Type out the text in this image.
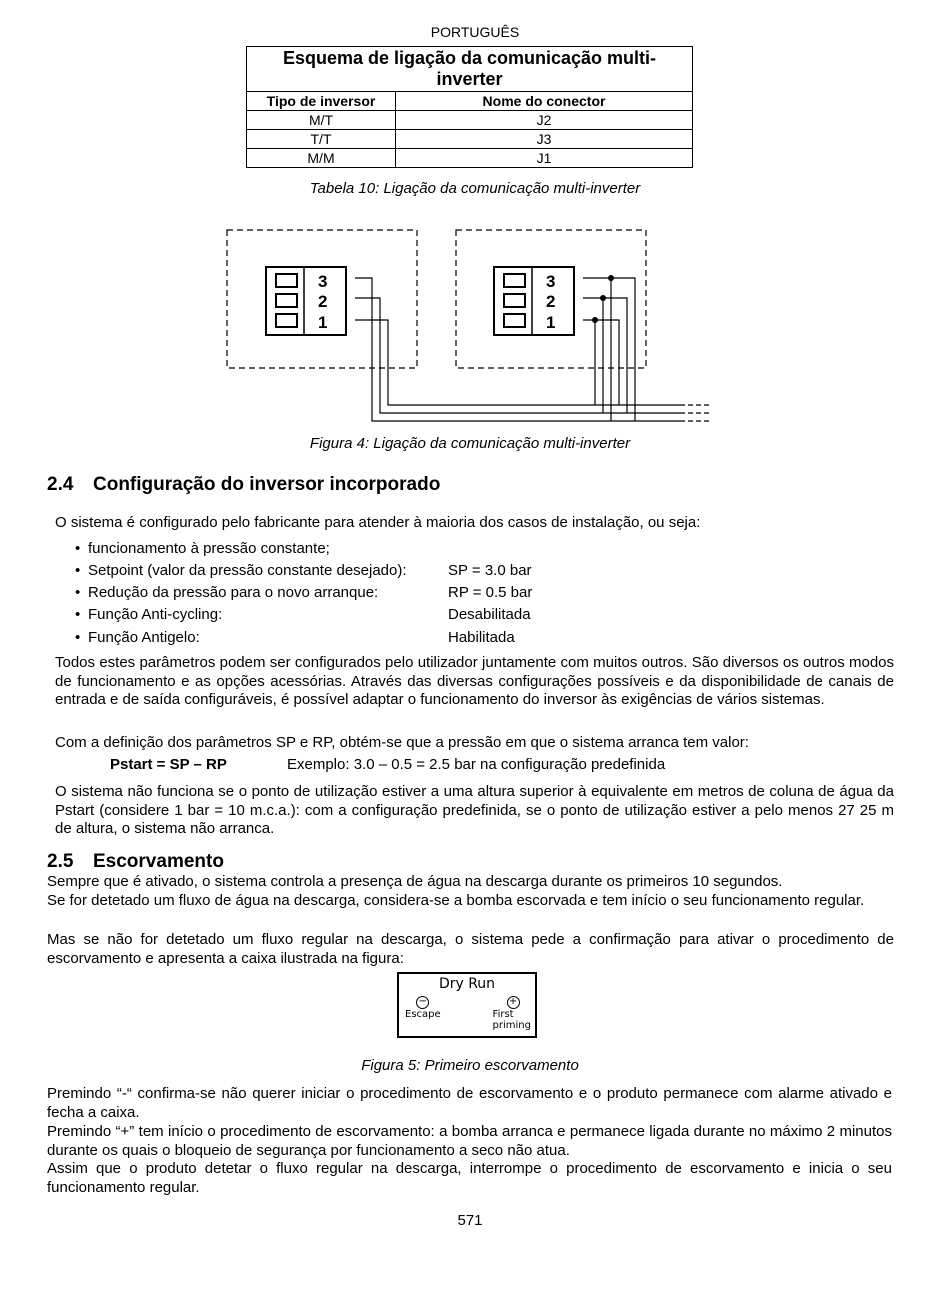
PORTUGUÊS
Esquema de ligação da comunicação multi-inverter	
Tipo de inversor	Nome do conector
M/T	J2
T/T	J3
M/M	J1
Tabela 10: Ligação da comunicação multi-inverter
3
2
1
3
2
1
Figura 4: Ligação da comunicação multi-inverter
2.4 Configuração do inversor incorporado
O sistema é configurado pelo fabricante para atender à maioria dos casos de instalação, ou seja:
• funcionamento à pressão constante;
• Setpoint (valor da pressão constante desejado):	SP = 3.0 bar
• Redução da pressão para o novo arranque:	RP = 0.5 bar
• Função Anti-cycling:	Desabilitada
• Função Antigelo:	Habilitada
Todos estes parâmetros podem ser configurados pelo utilizador juntamente com muitos outros. São diversos os outros modos de funcionamento e as opções acessórias. Através das diversas configurações possíveis e da disponibilidade de canais de entrada e de saída configuráveis, é possível adaptar o funcionamento do inversor às exigências de vários sistemas.
Com a definição dos parâmetros SP e RP, obtém-se que a pressão em que o sistema arranca tem valor:
Pstart = SP – RP	Exemplo: 3.0 – 0.5 = 2.5 bar na configuração predefinida
O sistema não funciona se o ponto de utilização estiver a uma altura superior à equivalente em metros de coluna de água da Pstart (considere 1 bar = 10 m.c.a.): com a configuração predefinida, se o ponto de utilização estiver a pelo menos 27 25 m de altura, o sistema não arranca.
2.5 Escorvamento
Sempre que é ativado, o sistema controla a presença de água na descarga durante os primeiros 10 segundos.
Se for detetado um fluxo de água na descarga, considera-se a bomba escorvada e tem início o seu funcionamento regular.
Mas se não for detetado um fluxo regular na descarga, o sistema pede a confirmação para ativar o procedimento de escorvamento e apresenta a caixa ilustrada na figura:
Dry Run
−
Escape
+
First
priming
Figura 5: Primeiro escorvamento
Premindo “-“ confirma-se não querer iniciar o procedimento de escorvamento e o produto permanece com alarme ativado e fecha a caixa.
Premindo “+” tem início o procedimento de escorvamento: a bomba arranca e permanece ligada durante no máximo 2 minutos durante os quais o bloqueio de segurança por funcionamento a seco não atua.
Assim que o produto detetar o fluxo regular na descarga, interrompe o procedimento de escorvamento e inicia o seu funcionamento regular.
571
